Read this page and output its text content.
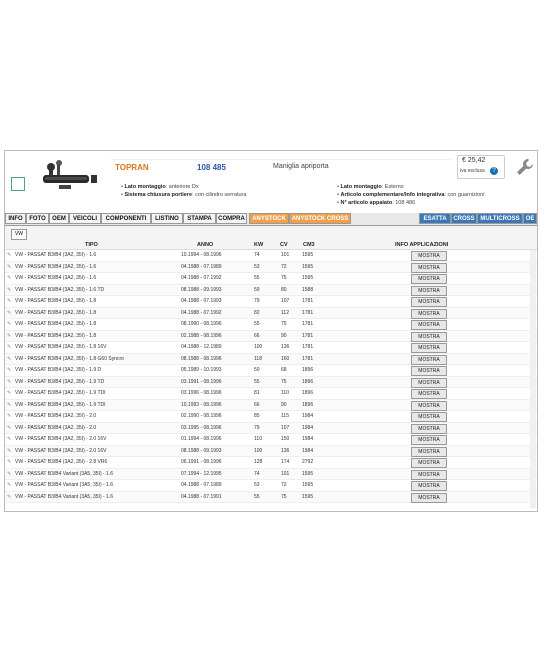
TOPRAN	108 485	Maniglia apriporta
€ 25,42
iva esclusa	?
• Lato montaggio: anteriore Dx
• Sistema chiusura portiere: con cilindro serratura
• Lato montaggio: Esterno
• Articolo complementare/Info integrativa: con guarnizioni
• N° articolo appaiato: 108 486
INFO	FOTO	OEM	VEICOLI	COMPONENTI	LISTINO	STAMPA	COMPRA	ANYSTOCK ANYSTOCK CROSS	ESATTA	CROSS MULTICROSS	OE
VW
TIPO	ANNO	KW	CV	CM3	INFO APPLICAZIONI
✎ VW - PASSAT B3/B4 (3A2, 35I) - 1.6	10.1994 - 08.1996	74	101	1595	MOSTRA
✎ VW - PASSAT B3/B4 (3A2, 35I) - 1.6	04.1988 - 07.1989	53	72	1595	MOSTRA
✎ VW - PASSAT B3/B4 (3A2, 35I) - 1.6	04.1988 - 07.1992	55	75	1595	MOSTRA
✎ VW - PASSAT B3/B4 (3A2, 35I) - 1.6 TD	08.1988 - 09.1993	59	80	1588	MOSTRA
✎ VW - PASSAT B3/B4 (3A2, 35I) - 1.8	04.1988 - 07.1993	79	107	1781	MOSTRA
✎ VW - PASSAT B3/B4 (3A2, 35I) - 1.8	04.1988 - 07.1992	82	112	1781	MOSTRA
✎ VW - PASSAT B3/B4 (3A2, 35I) - 1.8	08.1990 - 08.1996	55	75	1781	MOSTRA
✎ VW - PASSAT B3/B4 (3A2, 35I) - 1.8	02.1988 - 08.1996	66	90	1781	MOSTRA
✎ VW - PASSAT B3/B4 (3A2, 35I) - 1.8 16V	04.1988 - 12.1989	100	136	1781	MOSTRA
✎ VW - PASSAT B3/B4 (3A2, 35I) - 1.8 G60 Syncro	08.1988 - 08.1996	118	160	1781	MOSTRA
✎ VW - PASSAT B3/B4 (3A2, 35I) - 1.9 D	05.1989 - 10.1993	50	68	1896	MOSTRA
✎ VW - PASSAT B3/B4 (3A2, 35I) - 1.9 TD	03.1991 - 08.1996	55	75	1896	MOSTRA
✎ VW - PASSAT B3/B4 (3A2, 35I) - 1.9 TDI	03.1996 - 08.1996	81	110	1896	MOSTRA
✎ VW - PASSAT B3/B4 (3A2, 35I) - 1.9 TDI	10.1993 - 08.1996	66	90	1896	MOSTRA
✎ VW - PASSAT B3/B4 (3A2, 35I) - 2.0	02.1990 - 08.1996	85	115	1984	MOSTRA
✎ VW - PASSAT B3/B4 (3A2, 35I) - 2.0	03.1995 - 08.1996	79	107	1984	MOSTRA
✎ VW - PASSAT B3/B4 (3A2, 35I) - 2.0 16V	01.1994 - 08.1996	110	150	1984	MOSTRA
✎ VW - PASSAT B3/B4 (3A2, 35I) - 2.0 16V	08.1988 - 09.1993	100	136	1984	MOSTRA
✎ VW - PASSAT B3/B4 (3A2, 35I) - 2.8 VR6	06.1991 - 08.1996	128	174	2792	MOSTRA
✎ VW - PASSAT B3/B4 Variant (3A5, 35I) - 1.6	07.1994 - 12.1995	74	101	1595	MOSTRA
✎ VW - PASSAT B3/B4 Variant (3A5, 35I) - 1.6	04.1988 - 07.1989	53	72	1595	MOSTRA
✎ VW - PASSAT B3/B4 Variant (3A5, 35I) - 1.6	04.1988 - 07.1991	55	75	1595	MOSTRA
